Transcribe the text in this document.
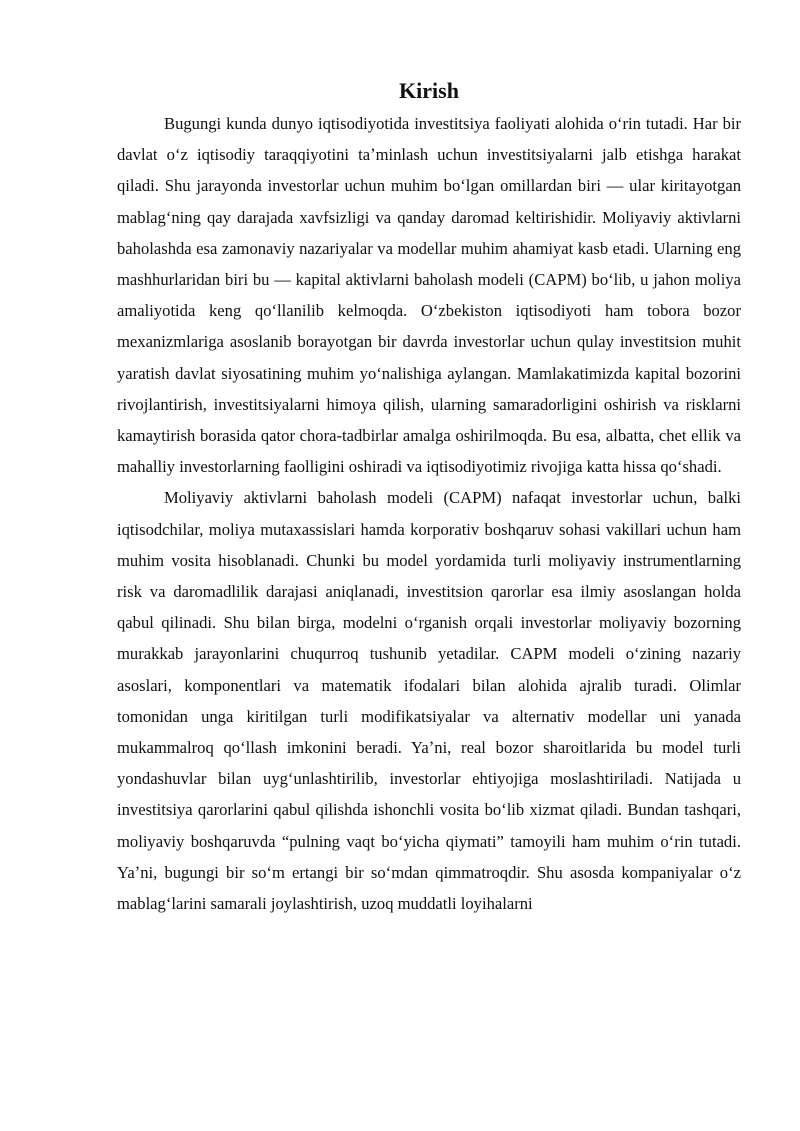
Kirish

Bugungi kunda dunyo iqtisodiyotida investitsiya faoliyati alohida oʻrin tutadi. Har bir davlat oʻz iqtisodiy taraqqiyotini taʼminlash uchun investitsiyalarni jalb etishga harakat qiladi. Shu jarayonda investorlar uchun muhim boʻlgan omillardan biri — ular kiritayotgan mablagʻning qay darajada xavfsizligi va qanday daromad keltirishidir. Moliyaviy aktivlarni baholashda esa zamonaviy nazariyalar va modellar muhim ahamiyat kasb etadi. Ularning eng mashhurlaridan biri bu — kapital aktivlarni baholash modeli (CAPM) boʻlib, u jahon moliya amaliyotida keng qoʻllanilib kelmoqda. Oʻzbekiston iqtisodiyoti ham tobora bozor mexanizmlariga asoslanib borayotgan bir davrda investorlar uchun qulay investitsion muhit yaratish davlat siyosatining muhim yoʻnalishiga aylangan. Mamlakatimizda kapital bozorini rivojlantirish, investitsiyalarni himoya qilish, ularning samaradorligini oshirish va risklarni kamaytirish borasida qator chora-tadbirlar amalga oshirilmoqda. Bu esa, albatta, chet ellik va mahalliy investorlarning faolligini oshiradi va iqtisodiyotimiz rivojiga katta hissa qoʻshadi.

Moliyaviy aktivlarni baholash modeli (CAPM) nafaqat investorlar uchun, balki iqtisodchilar, moliya mutaxassislari hamda korporativ boshqaruv sohasi vakillari uchun ham muhim vosita hisoblanadi. Chunki bu model yordamida turli moliyaviy instrumentlarning risk va daromadlilik darajasi aniqlanadi, investitsion qarorlar esa ilmiy asoslangan holda qabul qilinadi. Shu bilan birga, modelni oʻrganish orqali investorlar moliyaviy bozorning murakkab jarayonlarini chuqurroq tushunib yetadilar. CAPM modeli oʻzining nazariy asoslari, komponentlari va matematik ifodalari bilan alohida ajralib turadi. Olimlar tomonidan unga kiritilgan turli modifikatsiyalar va alternativ modellar uni yanada mukammalroq qoʻllash imkonini beradi. Yaʼni, real bozor sharoitlarida bu model turli yondashuvlar bilan uygʻunlashtirilib, investorlar ehtiyojiga moslashtiriladi. Natijada u investitsiya qarorlarini qabul qilishda ishonchli vosita boʻlib xizmat qiladi. Bundan tashqari, moliyaviy boshqaruvda “pulning vaqt boʻyicha qiymati” tamoyili ham muhim oʻrin tutadi. Yaʼni, bugungi bir soʻm ertangi bir soʻmdan qimmatroqdir. Shu asosda kompaniyalar oʻz mablagʻlarini samarali joylashtirish, uzoq muddatli loyihalarni
